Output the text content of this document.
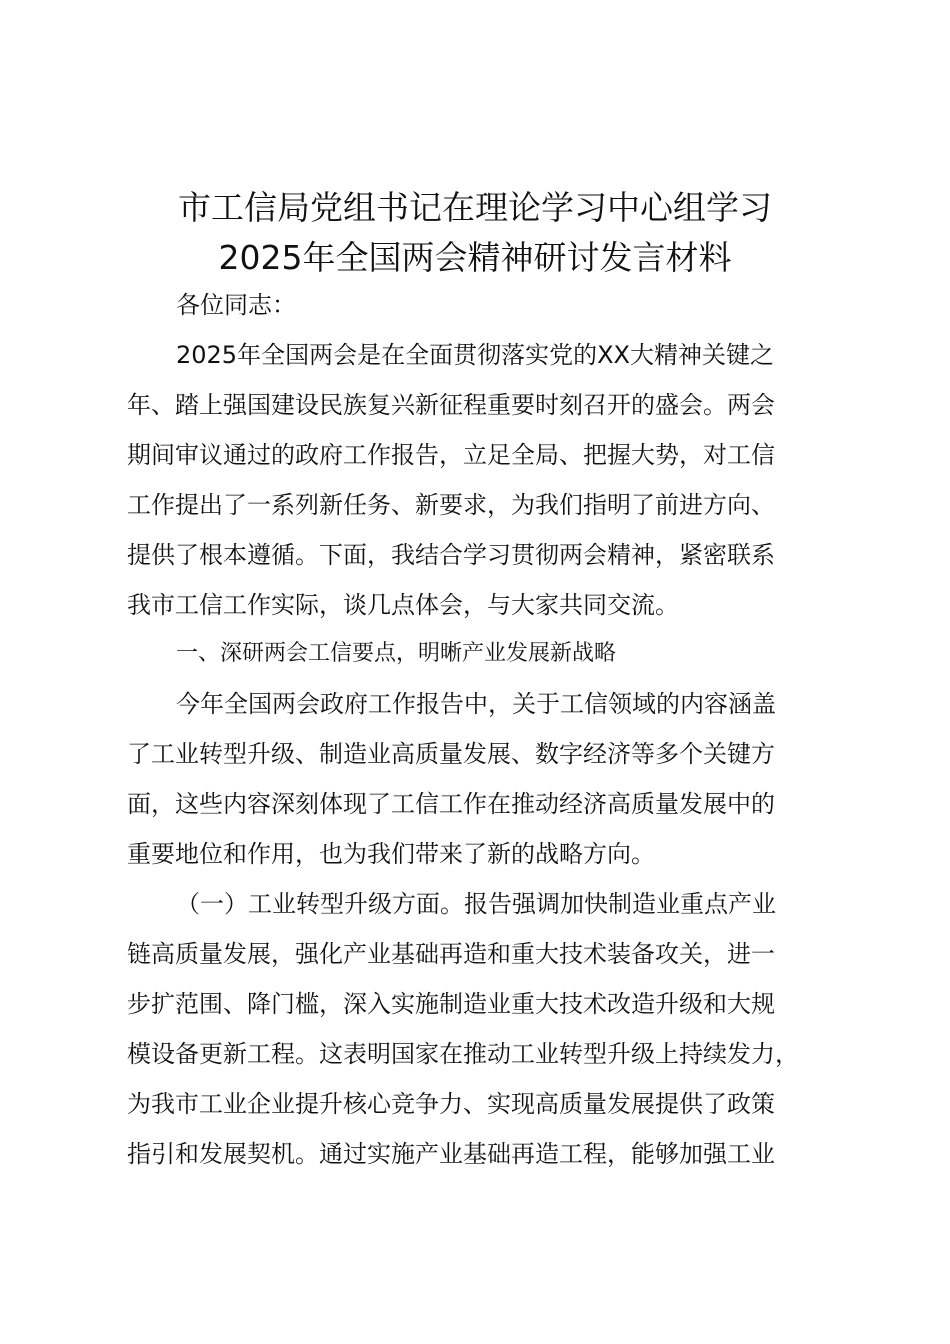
市工信局党组书记在理论学习中心组学习
2025年全国两会精神研讨发言材料
各位同志：
2025年全国两会是在全面贯彻落实党的XX大精神关键之
年、踏上强国建设民族复兴新征程重要时刻召开的盛会。两会
期间审议通过的政府工作报告，立足全局、把握大势，对工信
工作提出了一系列新任务、新要求，为我们指明了前进方向、
提供了根本遵循。下面，我结合学习贯彻两会精神，紧密联系
我市工信工作实际，谈几点体会，与大家共同交流。
一、深研两会工信要点，明晰产业发展新战略
今年全国两会政府工作报告中，关于工信领域的内容涵盖
了工业转型升级、制造业高质量发展、数字经济等多个关键方
面，这些内容深刻体现了工信工作在推动经济高质量发展中的
重要地位和作用，也为我们带来了新的战略方向。
（一）工业转型升级方面。报告强调加快制造业重点产业
链高质量发展，强化产业基础再造和重大技术装备攻关，进一
步扩范围、降门槛，深入实施制造业重大技术改造升级和大规
模设备更新工程。这表明国家在推动工业转型升级上持续发力，
为我市工业企业提升核心竞争力、实现高质量发展提供了政策
指引和发展契机。通过实施产业基础再造工程，能够加强工业
